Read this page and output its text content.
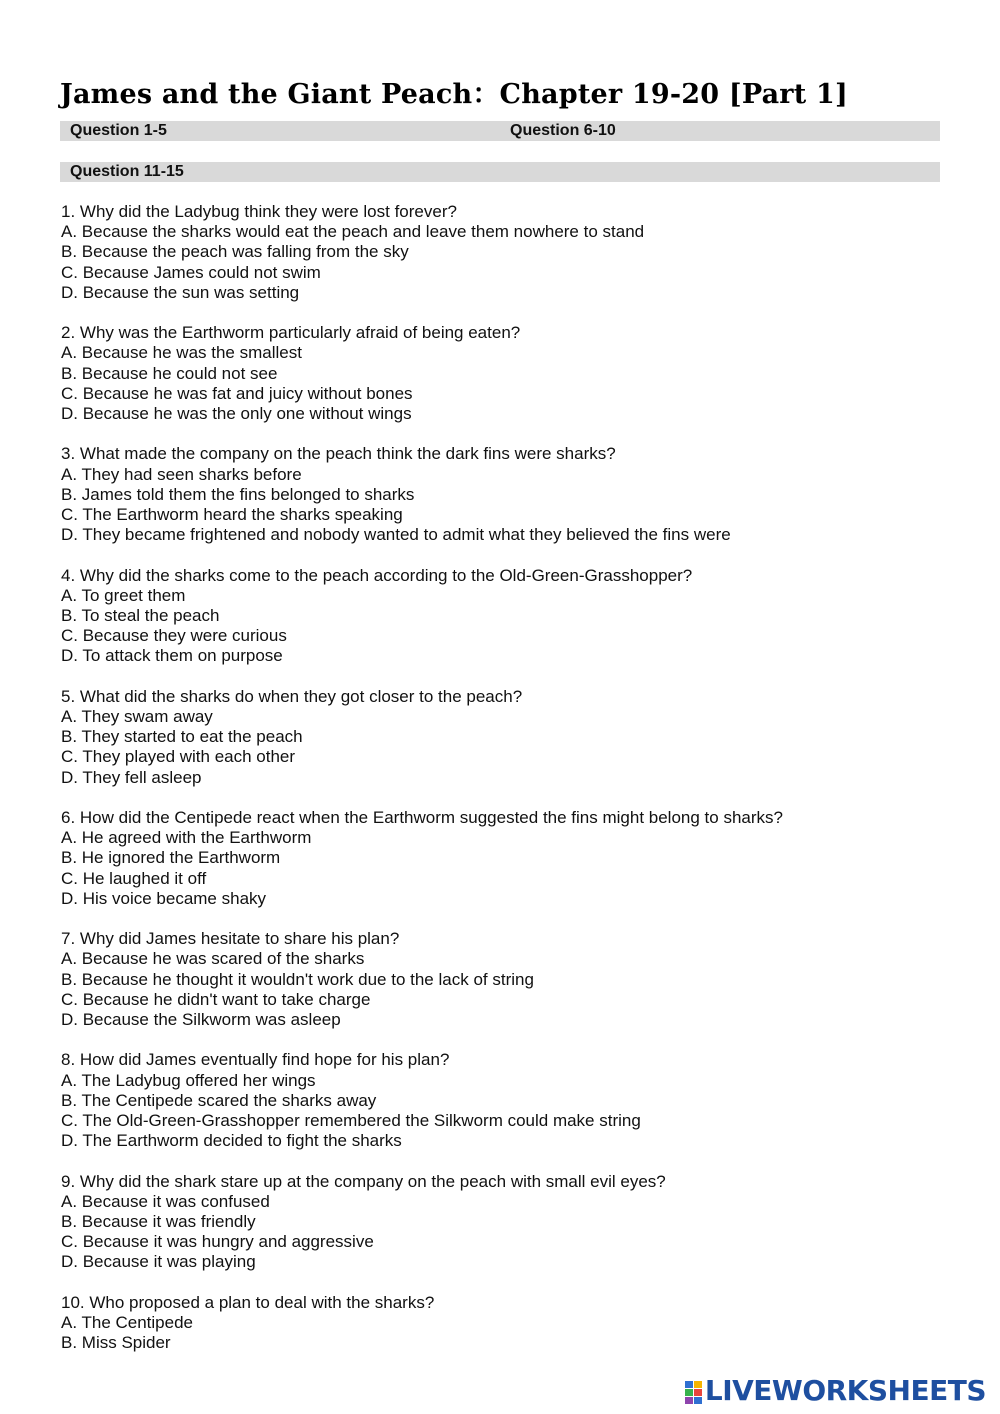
James and the Giant Peach：Chapter 19-20 [Part 1]
Question 1-5	Question 6-10
Question 11-15
1. Why did the Ladybug think they were lost forever?
A. Because the sharks would eat the peach and leave them nowhere to stand
B. Because the peach was falling from the sky
C. Because James could not swim
D. Because the sun was setting
2. Why was the Earthworm particularly afraid of being eaten?
A. Because he was the smallest
B. Because he could not see
C. Because he was fat and juicy without bones
D. Because he was the only one without wings
3. What made the company on the peach think the dark fins were sharks?
A. They had seen sharks before
B. James told them the fins belonged to sharks
C. The Earthworm heard the sharks speaking
D. They became frightened and nobody wanted to admit what they believed the fins were
4. Why did the sharks come to the peach according to the Old-Green-Grasshopper?
A. To greet them
B. To steal the peach
C. Because they were curious
D. To attack them on purpose
5. What did the sharks do when they got closer to the peach?
A. They swam away
B. They started to eat the peach
C. They played with each other
D. They fell asleep
6. How did the Centipede react when the Earthworm suggested the fins might belong to sharks?
A. He agreed with the Earthworm
B. He ignored the Earthworm
C. He laughed it off
D. His voice became shaky
7. Why did James hesitate to share his plan?
A. Because he was scared of the sharks
B. Because he thought it wouldn't work due to the lack of string
C. Because he didn't want to take charge
D. Because the Silkworm was asleep
8. How did James eventually find hope for his plan?
A. The Ladybug offered her wings
B. The Centipede scared the sharks away
C. The Old-Green-Grasshopper remembered the Silkworm could make string
D. The Earthworm decided to fight the sharks
9. Why did the shark stare up at the company on the peach with small evil eyes?
A. Because it was confused
B. Because it was friendly
C. Because it was hungry and aggressive
D. Because it was playing
10. Who proposed a plan to deal with the sharks?
A. The Centipede
B. Miss Spider
LIVEWORKSHEETS
